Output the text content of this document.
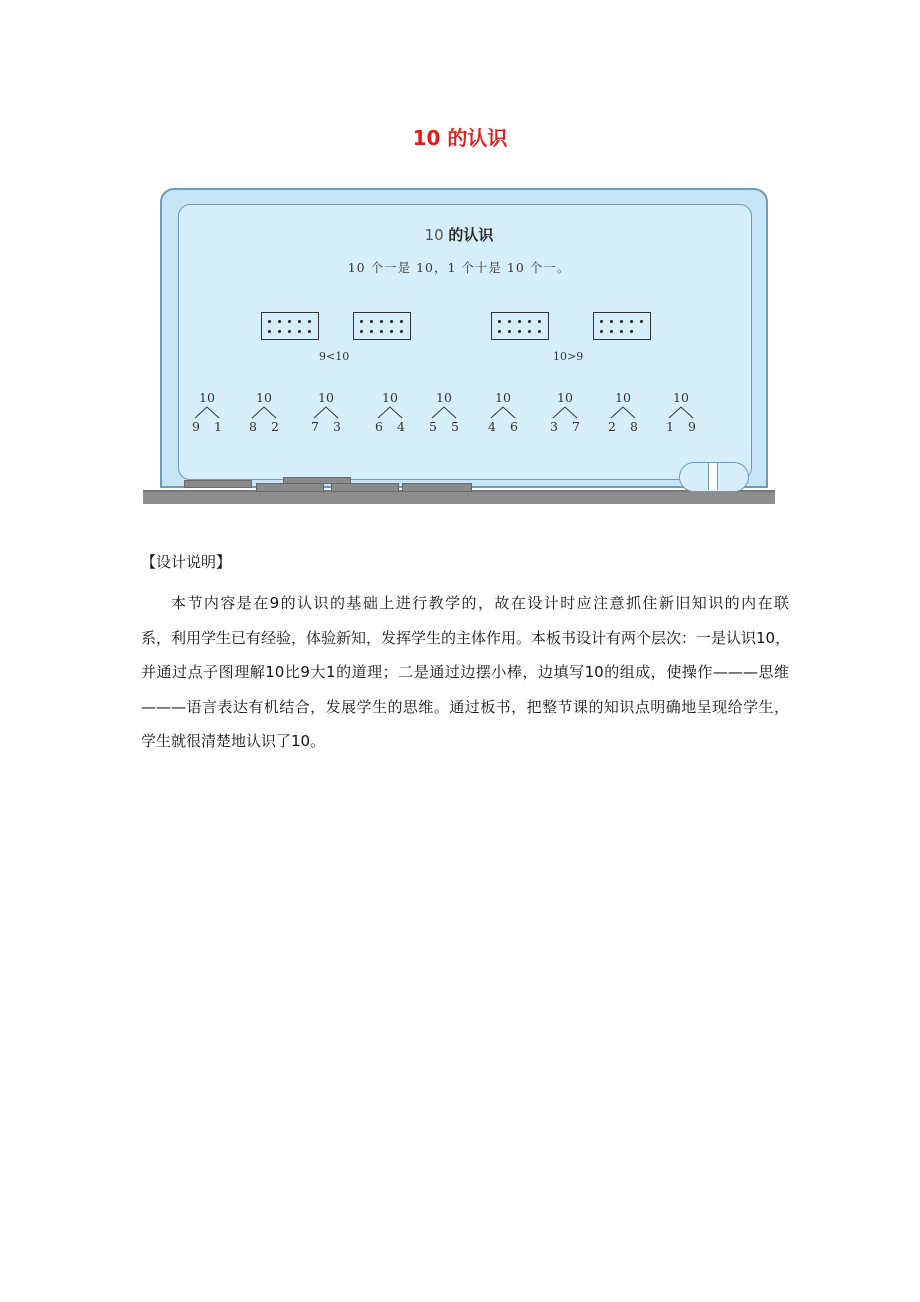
10 的认识
10 的认识
10 个一是 10，1 个十是 10 个一。
9<10	10>9
10
9 1
10
8 2
10
7 3
10
6 4
10
5 5
10
4 6
10
3 7
10
2 8
10
1 9
【设计说明】
本节内容是在9的认识的基础上进行教学的，故在设计时应注意抓住新旧知识的内在联
系，利用学生已有经验，体验新知，发挥学生的主体作用。本板书设计有两个层次：一是认识10，
并通过点子图理解10比9大1的道理；二是通过边摆小棒，边填写10的组成，使操作———思维
———语言表达有机结合，发展学生的思维。通过板书，把整节课的知识点明确地呈现给学生，
学生就很清楚地认识了10。
